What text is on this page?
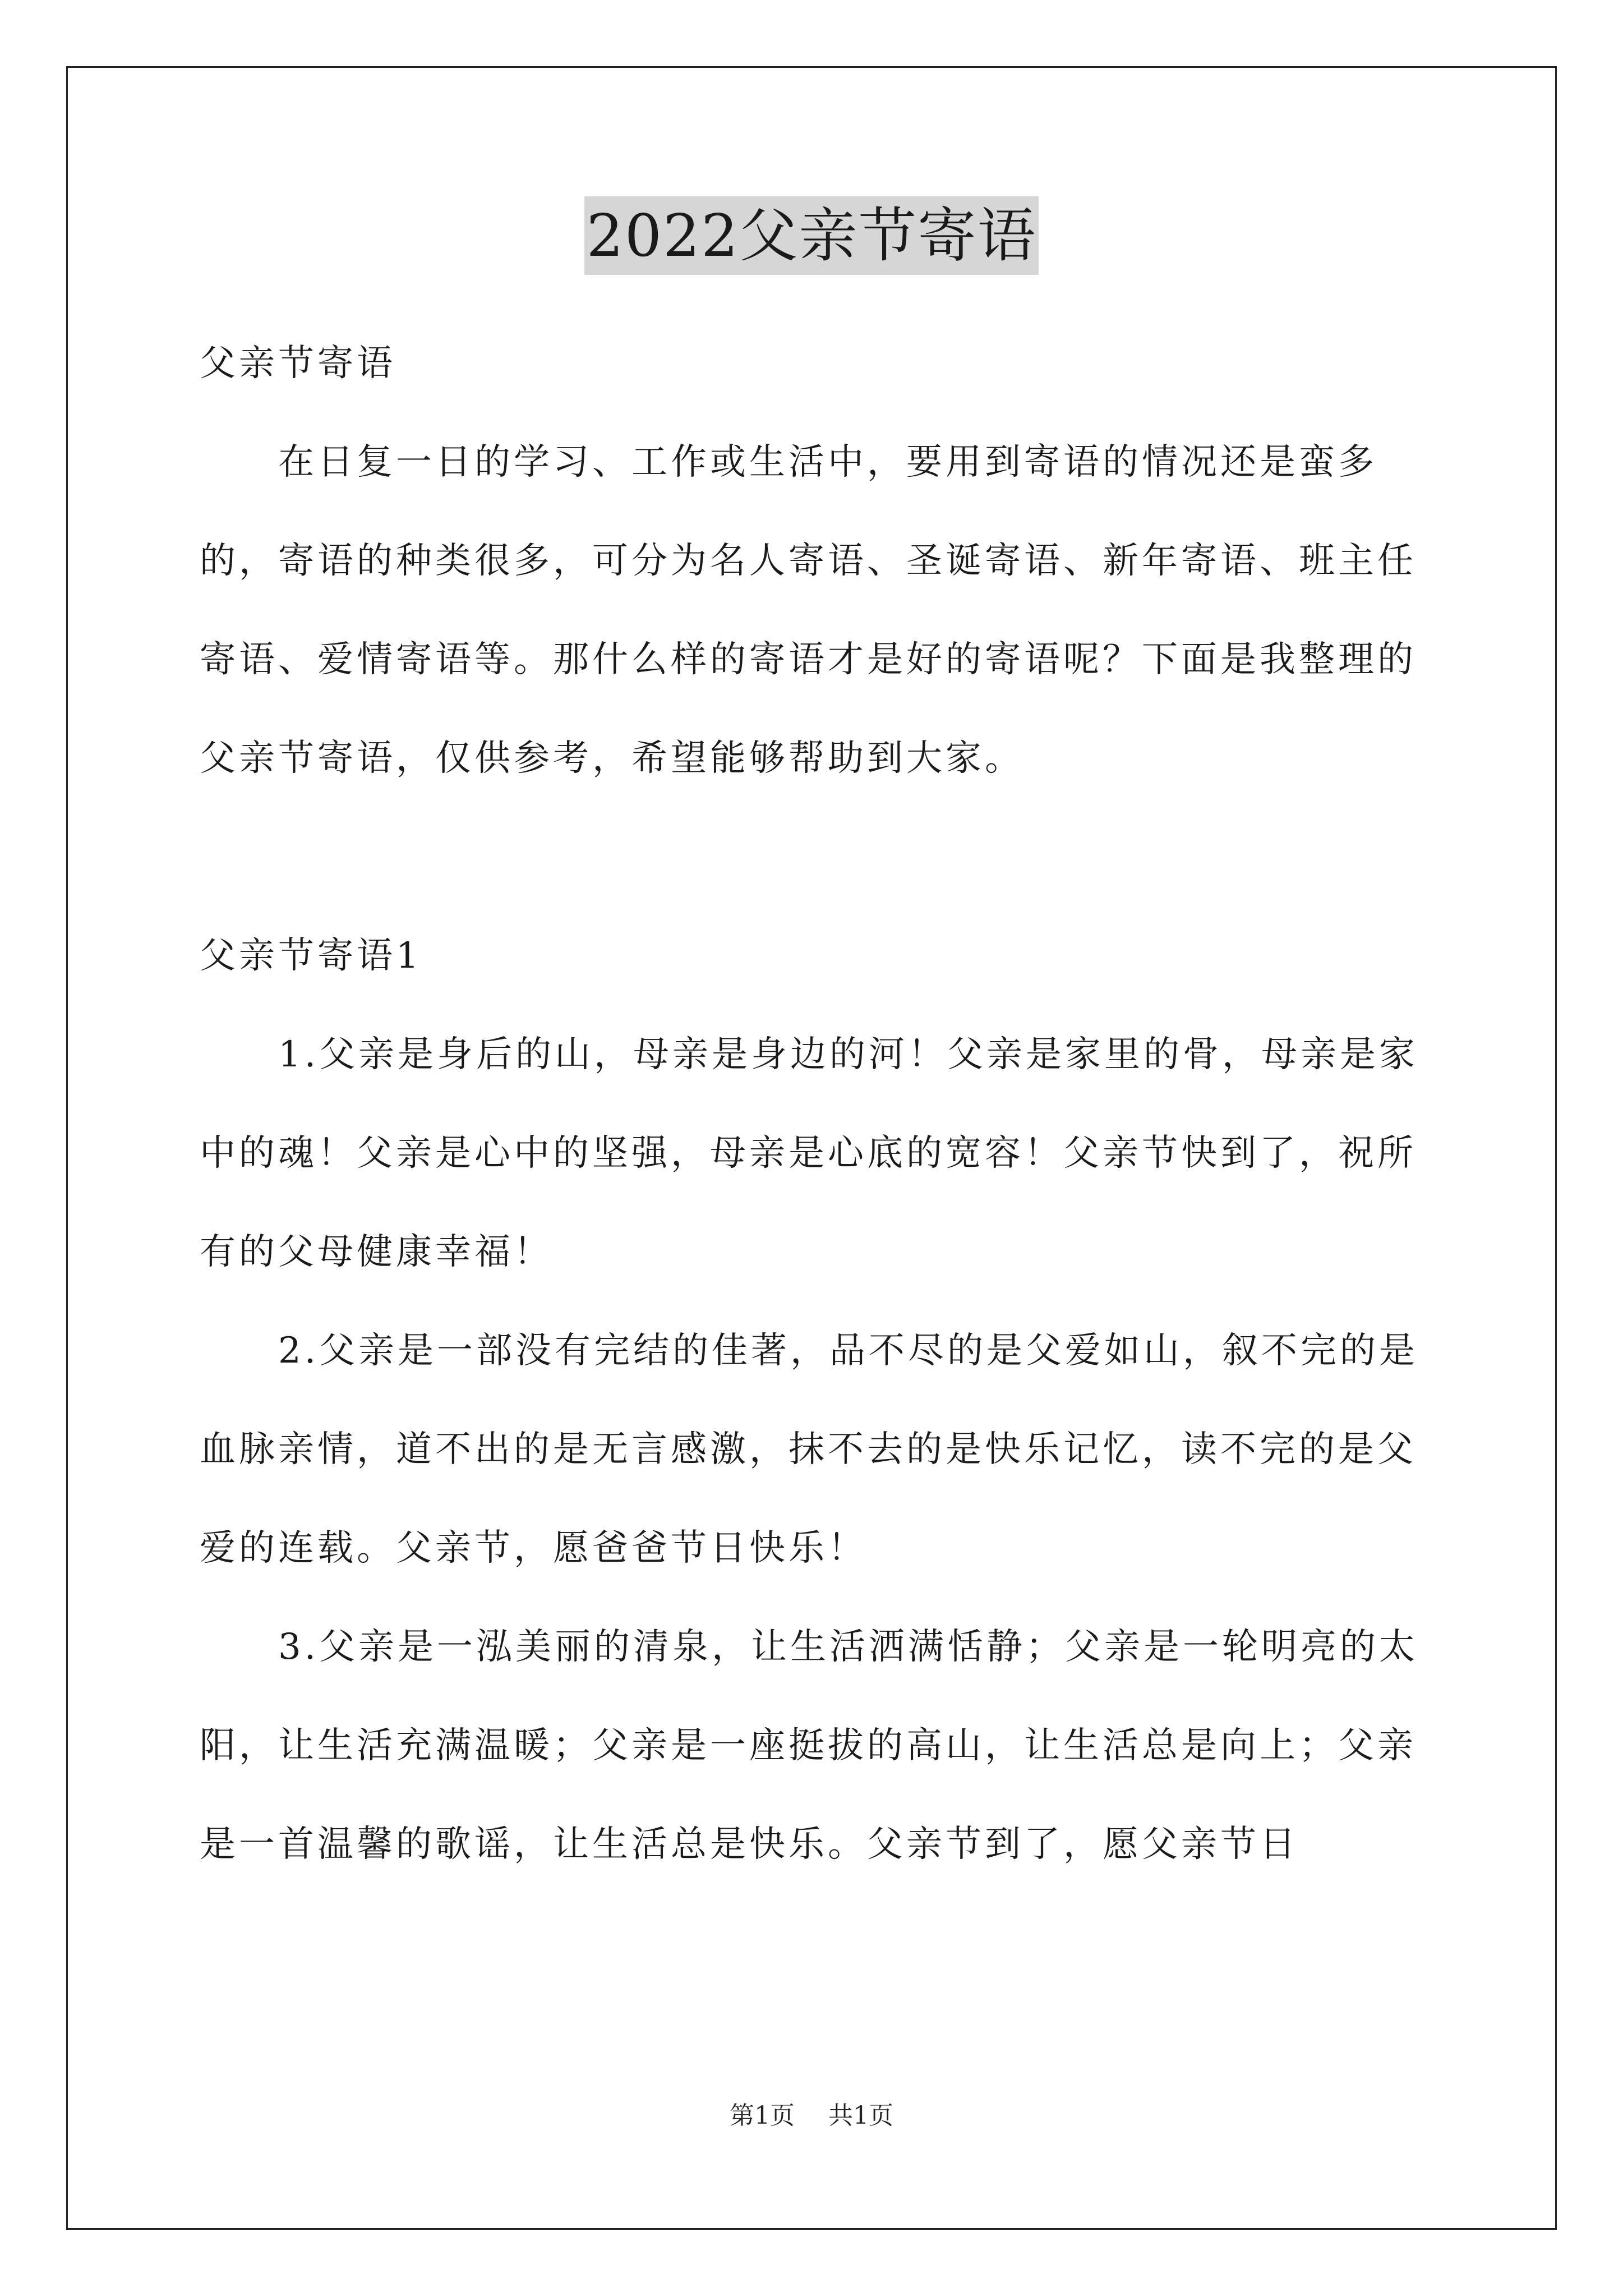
2022父亲节寄语

父亲节寄语

在日复一日的学习、工作或生活中，要用到寄语的情况还是蛮多的，寄语的种类很多，可分为名人寄语、圣诞寄语、新年寄语、班主任寄语、爱情寄语等。那什么样的寄语才是好的寄语呢？下面是我整理的父亲节寄语，仅供参考，希望能够帮助到大家。

父亲节寄语1

1.父亲是身后的山，母亲是身边的河！父亲是家里的骨，母亲是家中的魂！父亲是心中的坚强，母亲是心底的宽容！父亲节快到了，祝所有的父母健康幸福！

2.父亲是一部没有完结的佳著，品不尽的是父爱如山，叙不完的是血脉亲情，道不出的是无言感激，抹不去的是快乐记忆，读不完的是父爱的连载。父亲节，愿爸爸节日快乐！

3.父亲是一泓美丽的清泉，让生活洒满恬静；父亲是一轮明亮的太阳，让生活充满温暖；父亲是一座挺拔的高山，让生活总是向上；父亲是一首温馨的歌谣，让生活总是快乐。父亲节到了，愿父亲节日

第1页 共1页
